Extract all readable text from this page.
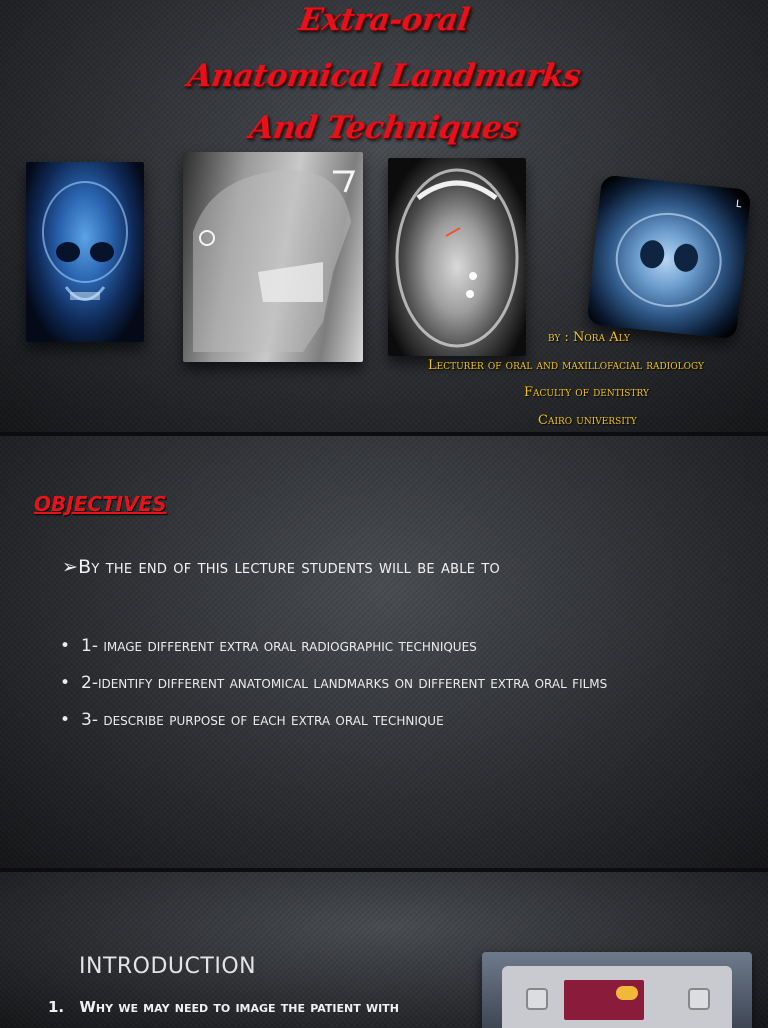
Extra-oral
Anatomical Landmarks
And Techniques
L
by : Nora Aly
Lecturer of oral and maxillofacial radiology
Faculty of dentistry
Cairo university
OBJECTIVES
➢By the end of this lecture students will be able to
• 1- image different extra oral radiographic techniques
• 2-identify different anatomical landmarks on different extra oral films
• 3- describe purpose of each extra oral technique
INTRODUCTION
1. Why we may need to image the patient with
